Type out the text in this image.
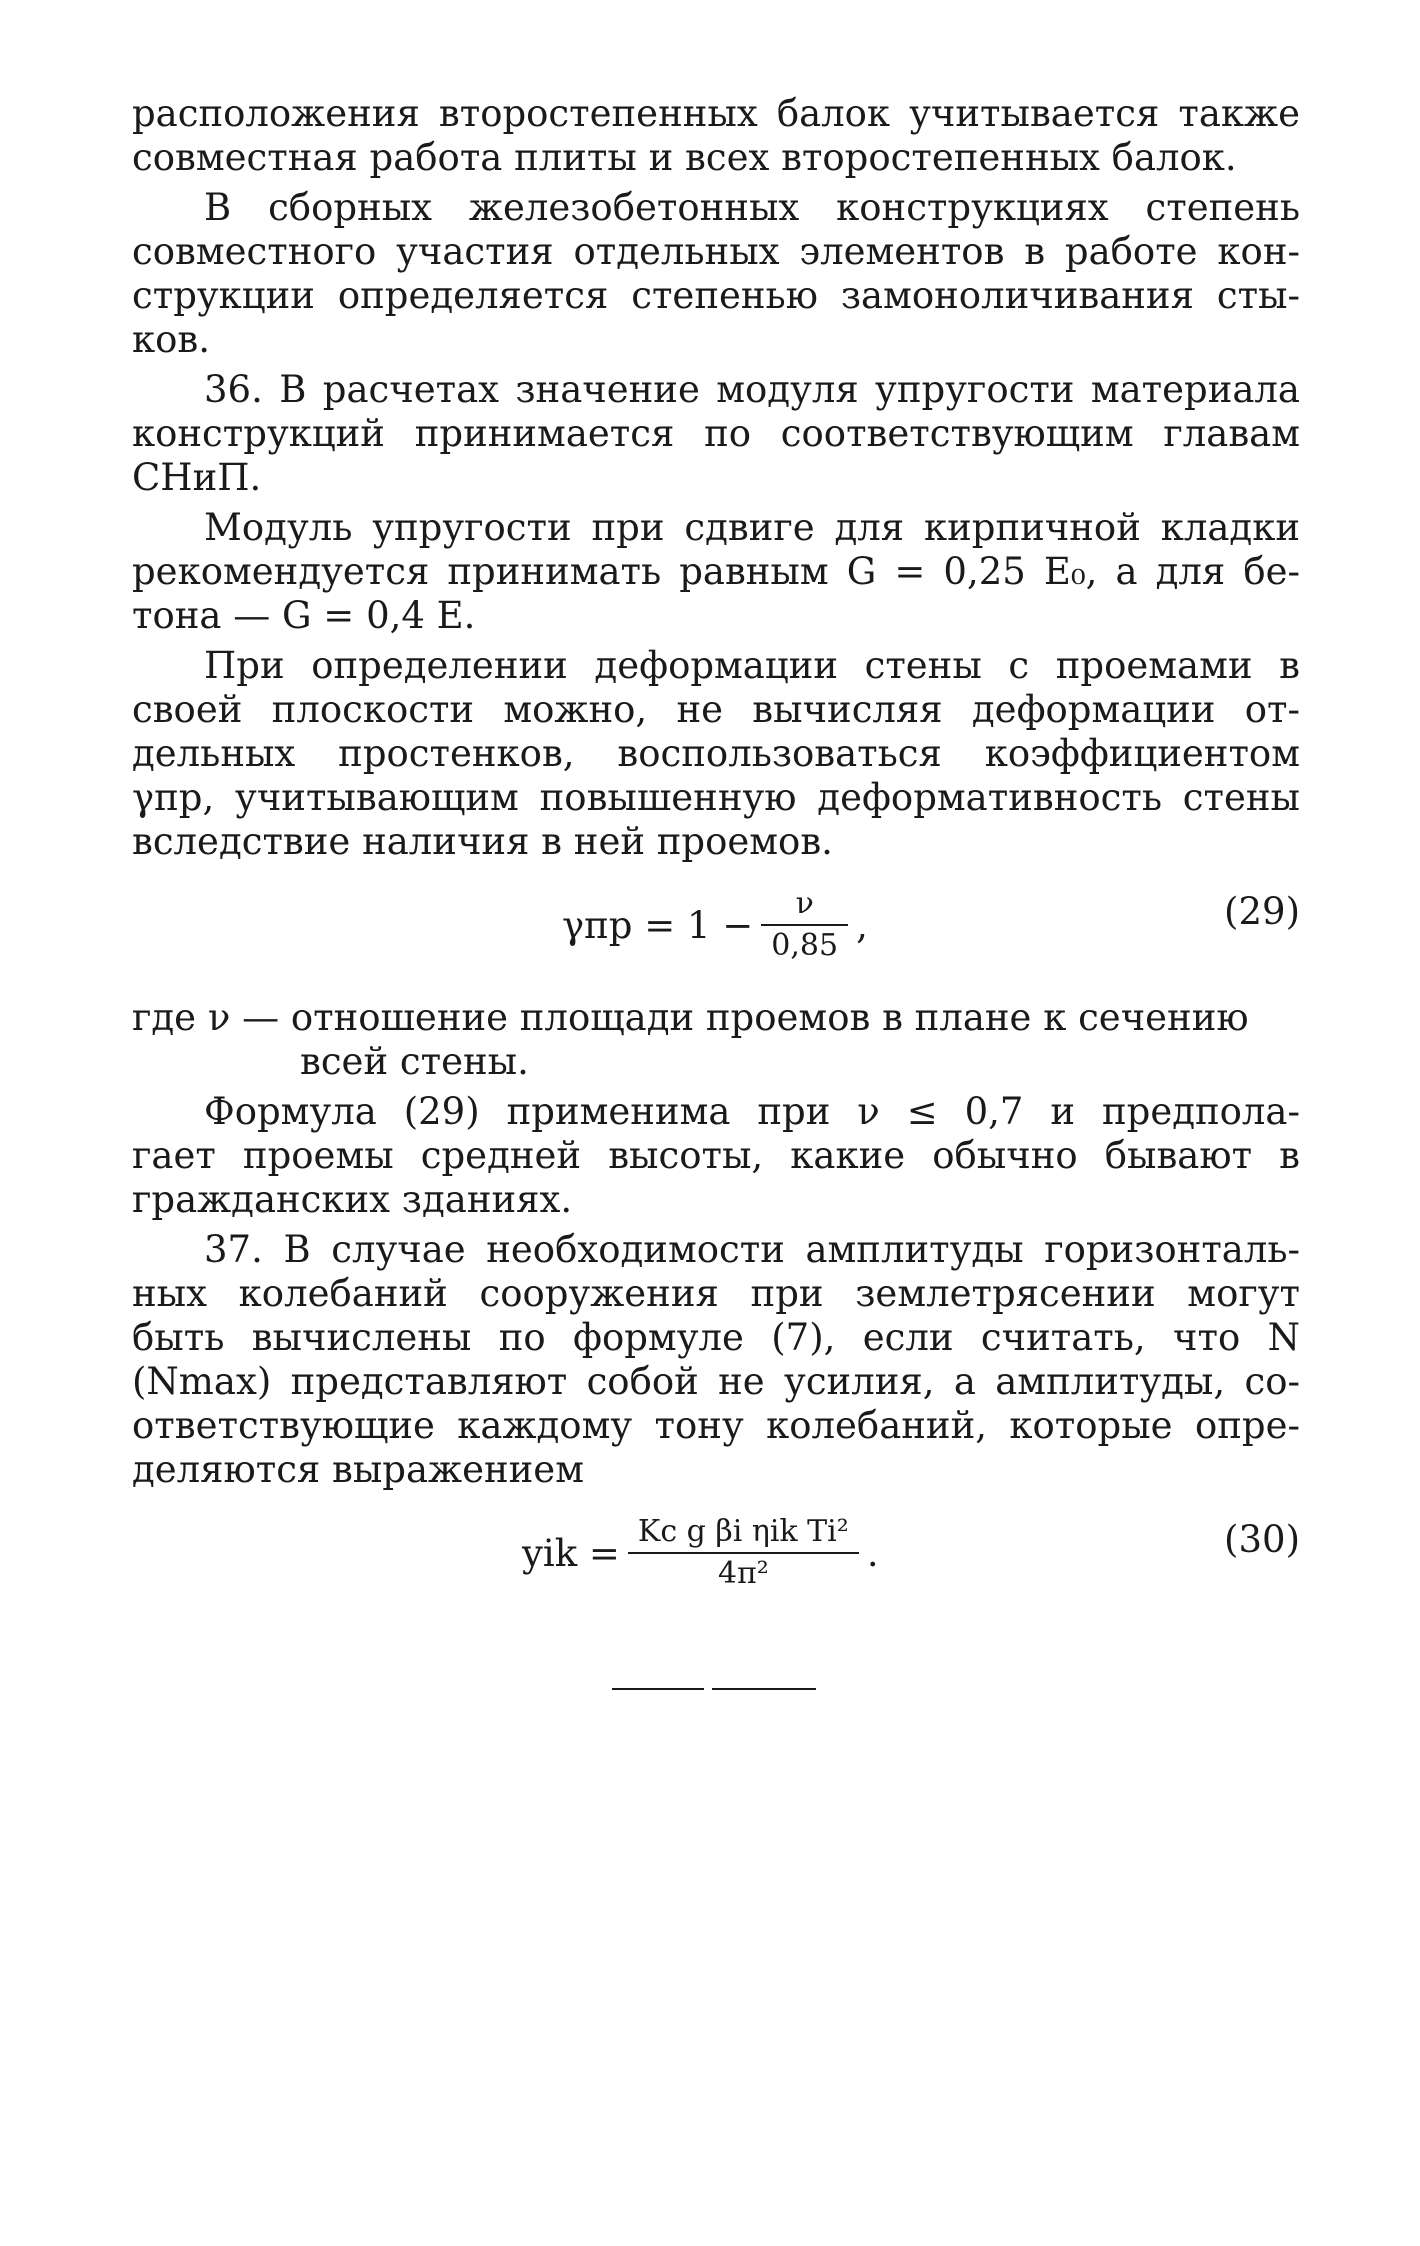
расположения второстепенных балок учитывается также
совместная работа плиты и всех второстепенных балок.
В сборных железобетонных конструкциях степень
совместного участия отдельных элементов в работе кон-
струкции определяется степенью замоноличивания сты-
ков.
36. В расчетах значение модуля упругости материала
конструкций принимается по соответствующим главам
СНиП.
Модуль упругости при сдвиге для кирпичной кладки
рекомендуется принимать равным G = 0,25 E₀, а для бе-
тона — G = 0,4 E.
При определении деформации стены с проемами в
своей плоскости можно, не вычисляя деформации от-
дельных простенков, воспользоваться коэффициентом
γпр, учитывающим повышенную деформативность стены
вследствие наличия в ней проемов.
$\gamma пр = 1 - \frac{\nu}{0,85}$ ,	(29)

где ν — отношение площади проемов в плане к сечению всей стены.

Формула (29) применима при ν ≤ 0,7 и предпола-
гает проемы средней высоты, какие обычно бывают в
гражданских зданиях.
37. В случае необходимости амплитуды горизонталь-
ных колебаний сооружения при землетрясении могут
быть вычислены по формуле (7), если считать, что N
(Nmax) представляют собой не усилия, а амплитуды, со-
ответствующие каждому тону колебаний, которые опре-
деляются выражением
yik = $\frac{\text{Kc g βi ηik Ti²}}{\text{4π²}}$ .	(30)
